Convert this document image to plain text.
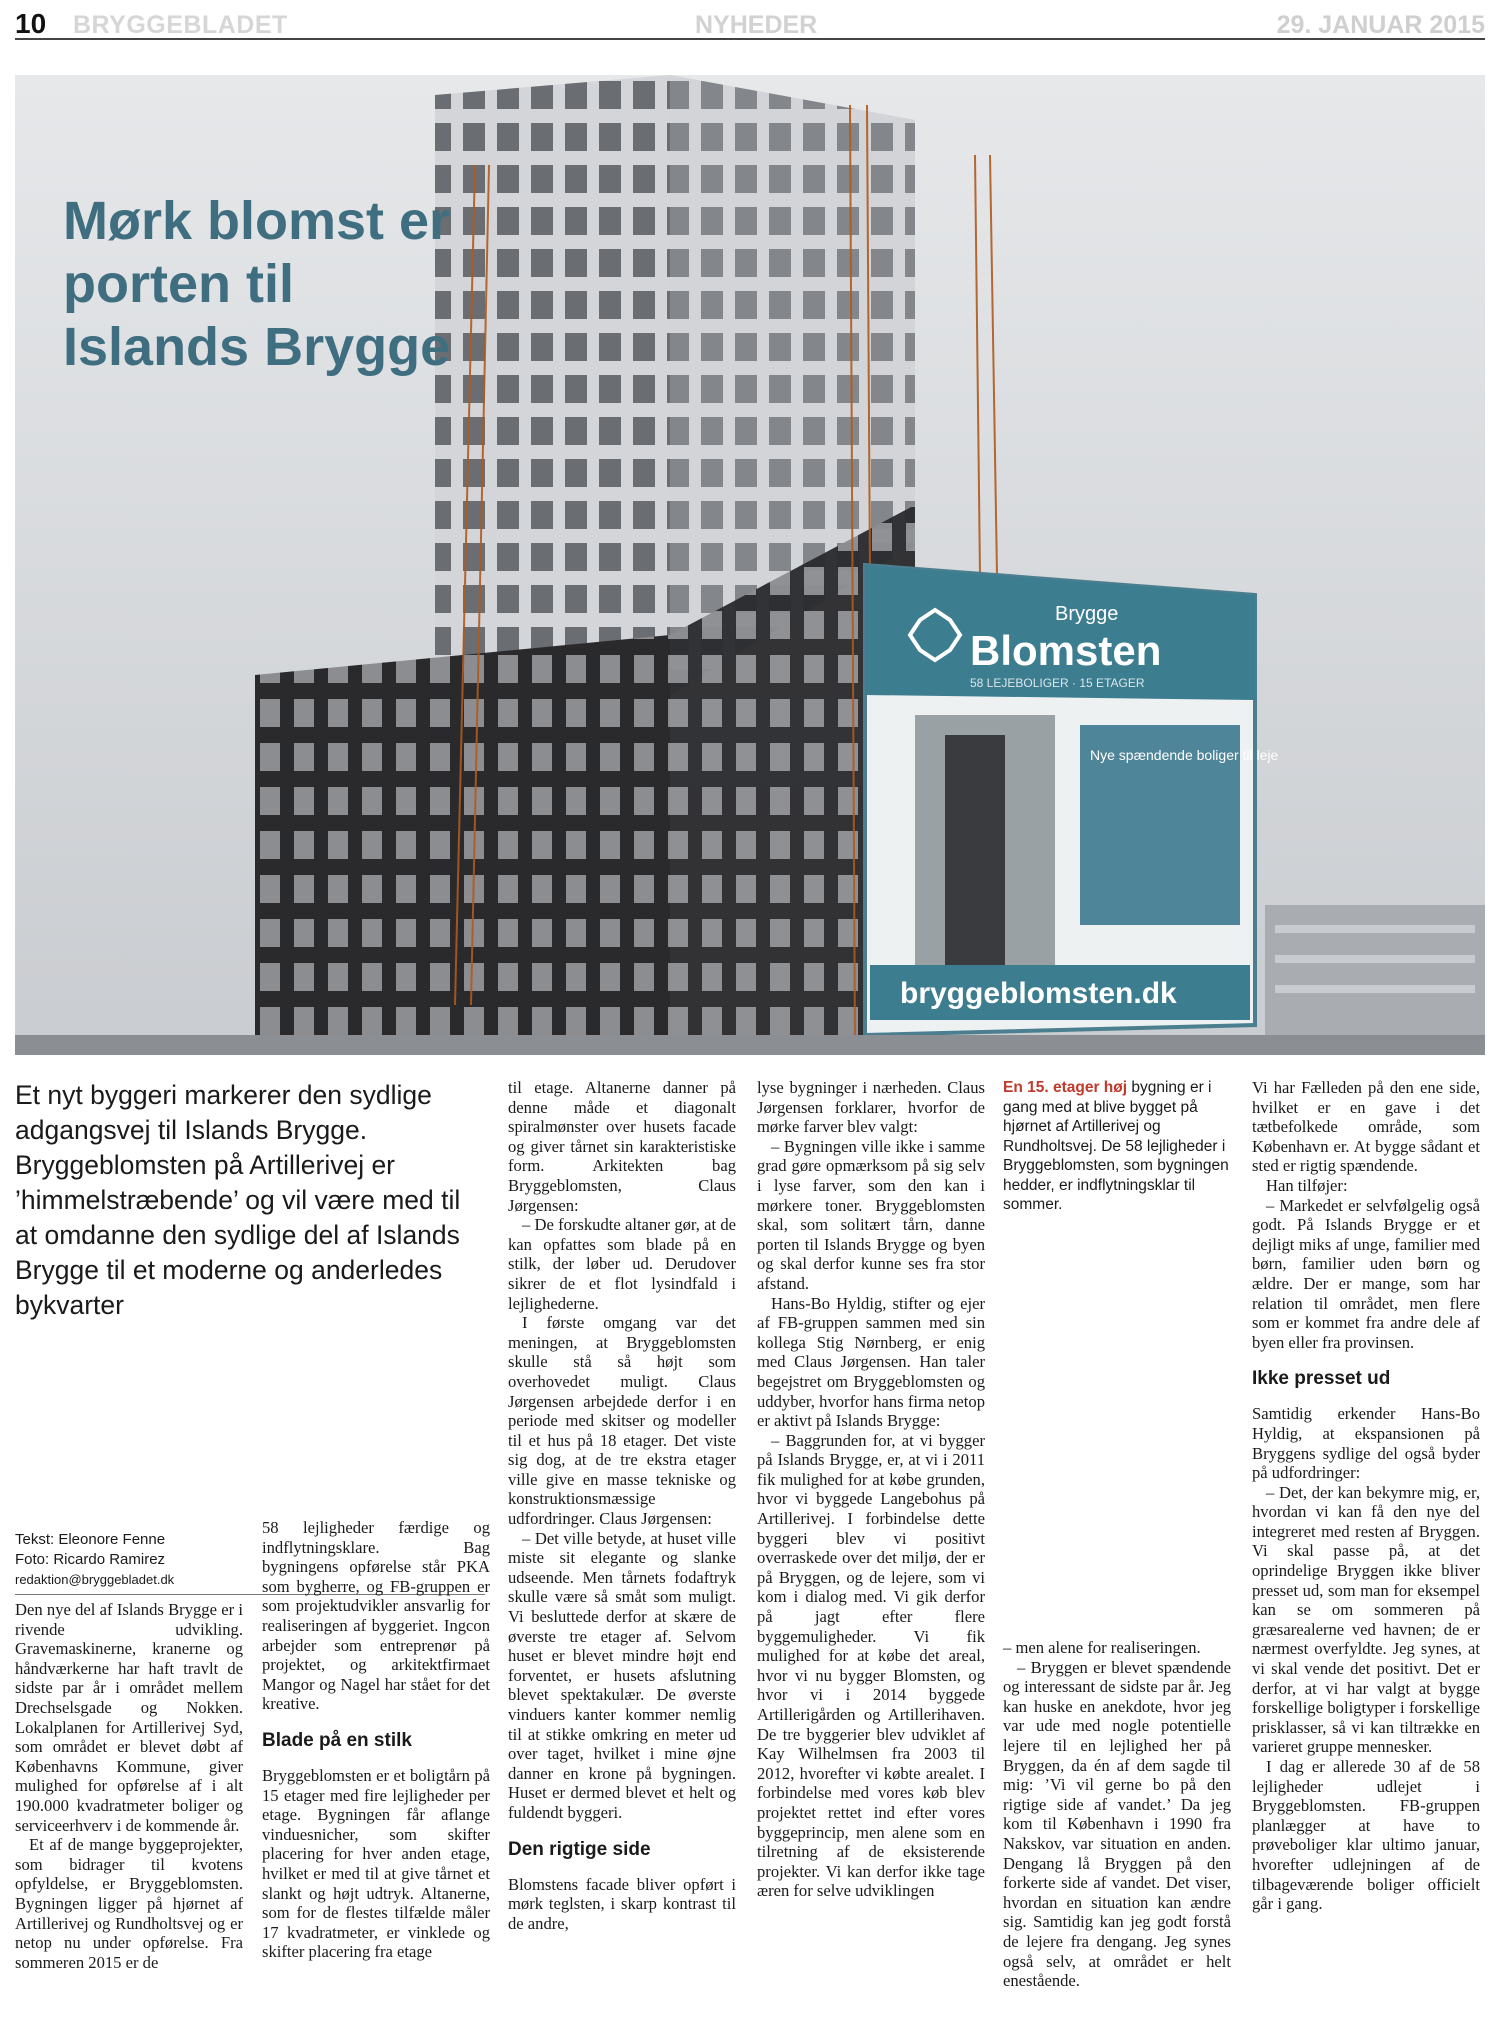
10 BRYGGEBLADET	NYHEDER	29. JANUAR 2015
Brygge
Blomsten
58 LEJEBOLIGER · 15 ETAGER
Nye spændende boliger til leje
bryggeblomsten.dk
Mørk blomst er porten til Islands Brygge
Et nyt byggeri markerer den sydlige adgangsvej til Islands Brygge. Bryggeblomsten på Artillerivej er ’himmelstræbende’ og vil være med til at omdanne den sydlige del af Islands Brygge til et moderne og anderledes bykvarter
Tekst: Eleonore Fenne
Foto: Ricardo Ramirez
redaktion@bryggebladet.dk

Den nye del af Islands Brygge er i rivende udvikling. Gravemaskinerne, kranerne og håndværkerne har haft travlt de sidste par år i området mellem Drechselsgade og Nokken. Lokalplanen for Artillerivej Syd, som området er blevet døbt af Københavns Kommune, giver mulighed for opførelse af i alt 190.000 kvadratmeter boliger og serviceerhverv i de kommende år.

Et af de mange byggeprojekter, som bidrager til kvotens opfyldelse, er Bryggeblomsten. Bygningen ligger på hjørnet af Artillerivej og Rundholtsvej og er netop nu under opførelse. Fra sommeren 2015 er de

58 lejligheder færdige og indflytningsklare. Bag bygningens opførelse står PKA som bygherre, og FB-gruppen er som projektudvikler ansvarlig for realiseringen af byggeriet. Ingcon arbejder som entreprenør på projektet, og arkitektfirmaet Mangor og Nagel har stået for det kreative.

Blade på en stilk

Bryggeblomsten er et boligtårn på 15 etager med fire lejligheder per etage. Bygningen får aflange vinduesnicher, som skifter placering for hver anden etage, hvilket er med til at give tårnet et slankt og højt udtryk. Altanerne, som for de flestes tilfælde måler 17 kvadratmeter, er vinklede og skifter placering fra etage

til etage. Altanerne danner på denne måde et diagonalt spiralmønster over husets facade og giver tårnet sin karakteristiske form. Arkitekten bag Bryggeblomsten, Claus Jørgensen:

– De forskudte altaner gør, at de kan opfattes som blade på en stilk, der løber ud. Derudover sikrer de et flot lysindfald i lejlighederne.

I første omgang var det meningen, at Bryggeblomsten skulle stå så højt som overhovedet muligt. Claus Jørgensen arbejdede derfor i en periode med skitser og modeller til et hus på 18 etager. Det viste sig dog, at de tre ekstra etager ville give en masse tekniske og konstruktionsmæssige udfordringer. Claus Jørgensen:

– Det ville betyde, at huset ville miste sit elegante og slanke udseende. Men tårnets fodaftryk skulle være så småt som muligt. Vi besluttede derfor at skære de øverste tre etager af. Selvom huset er blevet mindre højt end forventet, er husets afslutning blevet spektakulær. De øverste vinduers kanter kommer nemlig til at stikke omkring en meter ud over taget, hvilket i mine øjne danner en krone på bygningen. Huset er dermed blevet et helt og fuldendt byggeri.

Den rigtige side

Blomstens facade bliver opført i mørk teglsten, i skarp kontrast til de andre,

lyse bygninger i nærheden. Claus Jørgensen forklarer, hvorfor de mørke farver blev valgt:

– Bygningen ville ikke i samme grad gøre opmærksom på sig selv i lyse farver, som den kan i mørkere toner. Bryggeblomsten skal, som solitært tårn, danne porten til Islands Brygge og byen og skal derfor kunne ses fra stor afstand.

Hans-Bo Hyldig, stifter og ejer af FB-gruppen sammen med sin kollega Stig Nørnberg, er enig med Claus Jørgensen. Han taler begejstret om Bryggeblomsten og uddyber, hvorfor hans firma netop er aktivt på Islands Brygge:

– Baggrunden for, at vi bygger på Islands Brygge, er, at vi i 2011 fik mulighed for at købe grunden, hvor vi byggede Langebohus på Artillerivej. I forbindelse dette byggeri blev vi positivt overraskede over det miljø, der er på Bryggen, og de lejere, som vi kom i dialog med. Vi gik derfor på jagt efter flere byggemuligheder. Vi fik mulighed for at købe det areal, hvor vi nu bygger Blomsten, og hvor vi i 2014 byggede Artillerigården og Artillerihaven. De tre byggerier blev udviklet af Kay Wilhelmsen fra 2003 til 2012, hvorefter vi købte arealet. I forbindelse med vores køb blev projektet rettet ind efter vores byggeprincip, men alene som en tilretning af de eksisterende projekter. Vi kan derfor ikke tage æren for selve udviklingen

En 15. etager høj bygning er i gang med at blive bygget på hjørnet af Artillerivej og Rundholtsvej. De 58 lejligheder i Bryggeblomsten, som bygningen hedder, er indflytningsklar til sommer.

– men alene for realiseringen.

– Bryggen er blevet spændende og interessant de sidste par år. Jeg kan huske en anekdote, hvor jeg var ude med nogle potentielle lejere til en lejlighed her på Bryggen, da én af dem sagde til mig: ’Vi vil gerne bo på den rigtige side af vandet.’ Da jeg kom til København i 1990 fra Nakskov, var situation en anden. Dengang lå Bryggen på den forkerte side af vandet. Det viser, hvordan en situation kan ændre sig. Samtidig kan jeg godt forstå de lejere fra dengang. Jeg synes også selv, at området er helt enestående.

Vi har Fælleden på den ene side, hvilket er en gave i det tætbefolkede område, som København er. At bygge sådant et sted er rigtig spændende.

Han tilføjer:

– Markedet er selvfølgelig også godt. På Islands Brygge er et dejligt miks af unge, familier med børn, familier uden børn og ældre. Der er mange, som har relation til området, men flere som er kommet fra andre dele af byen eller fra provinsen.

Ikke presset ud

Samtidig erkender Hans-Bo Hyldig, at ekspansionen på Bryggens sydlige del også byder på udfordringer:

– Det, der kan bekymre mig, er, hvordan vi kan få den nye del integreret med resten af Bryggen. Vi skal passe på, at det oprindelige Bryggen ikke bliver presset ud, som man for eksempel kan se om sommeren på græsarealerne ved havnen; de er nærmest overfyldte. Jeg synes, at vi skal vende det positivt. Det er derfor, at vi har valgt at bygge forskellige boligtyper i forskellige prisklasser, så vi kan tiltrække en varieret gruppe mennesker.

I dag er allerede 30 af de 58 lejligheder udlejet i Bryggeblomsten. FB-gruppen planlægger at have to prøveboliger klar ultimo januar, hvorefter udlejningen af de tilbageværende boliger officielt går i gang.
